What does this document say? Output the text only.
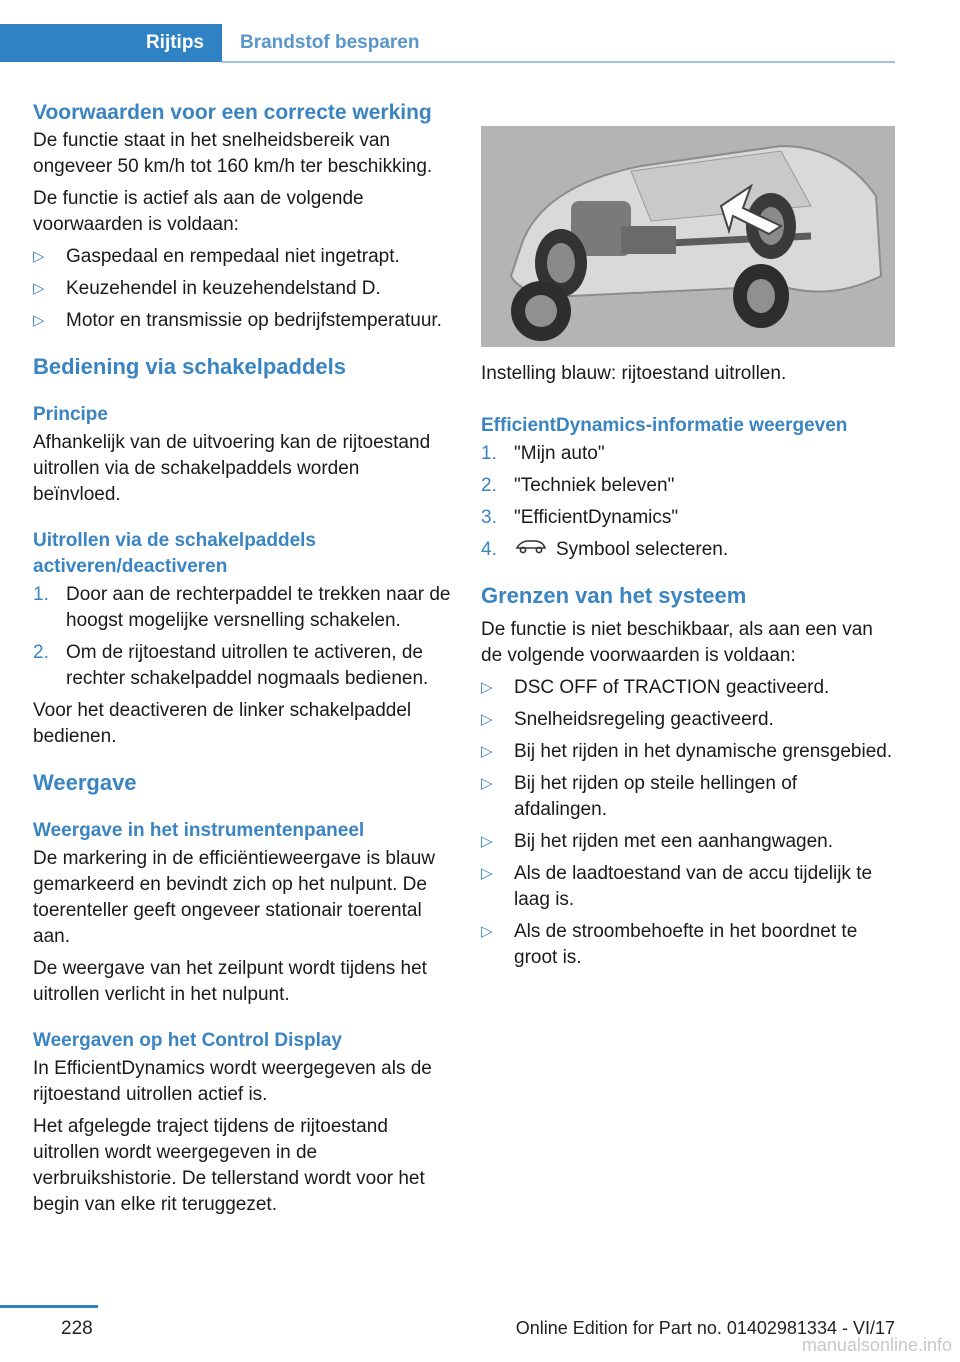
Rijtips	Brandstof besparen
Voorwaarden voor een correcte werking

De functie staat in het snelheidsbereik van ongeveer 50 km/h tot 160 km/h ter beschikking.

De functie is actief als aan de volgende voorwaarden is voldaan:

▷ Gaspedaal en rempedaal niet ingetrapt.
▷ Keuzehendel in keuzehendelstand D.
▷ Motor en transmissie op bedrijfstemperatuur.
Bediening via schakelpaddels
Principe

Afhankelijk van de uitvoering kan de rijtoestand uitrollen via de schakelpaddels worden beïnvloed.

Uitrollen via de schakelpaddels activeren/deactiveren
1. Door aan de rechterpaddel te trekken naar de hoogst mogelijke versnelling schakelen.
2. Om de rijtoestand uitrollen te activeren, de rechter schakelpaddel nogmaals bedienen.

Voor het deactiveren de linker schakelpaddel bedienen.

Weergave
Weergave in het instrumentenpaneel

De markering in de efficiëntieweergave is blauw gemarkeerd en bevindt zich op het nulpunt. De toerenteller geeft ongeveer stationair toerental aan.

De weergave van het zeilpunt wordt tijdens het uitrollen verlicht in het nulpunt.

Weergaven op het Control Display

In EfficientDynamics wordt weergegeven als de rijtoestand uitrollen actief is.

Het afgelegde traject tijdens de rijtoestand uitrollen wordt weergegeven in de verbruikshistorie. De tellerstand wordt voor het begin van elke rit teruggezet.

Instelling blauw: rijtoestand uitrollen.

EfficientDynamics-informatie weergeven
1. "Mijn auto"
2. "Techniek beleven"
3. "EfficientDynamics"
4.	Symbool selecteren.
Grenzen van het systeem

De functie is niet beschikbaar, als aan een van de volgende voorwaarden is voldaan:

▷ DSC OFF of TRACTION geactiveerd.
▷ Snelheidsregeling geactiveerd.
▷ Bij het rijden in het dynamische grensgebied.
▷ Bij het rijden op steile hellingen of afdalingen.
▷ Bij het rijden met een aanhangwagen.
▷ Als de laadtoestand van de accu tijdelijk te laag is.
▷ Als de stroombehoefte in het boordnet te groot is.
228	Online Edition for Part no. 01402981334 - VI/17
manualsonline.info
